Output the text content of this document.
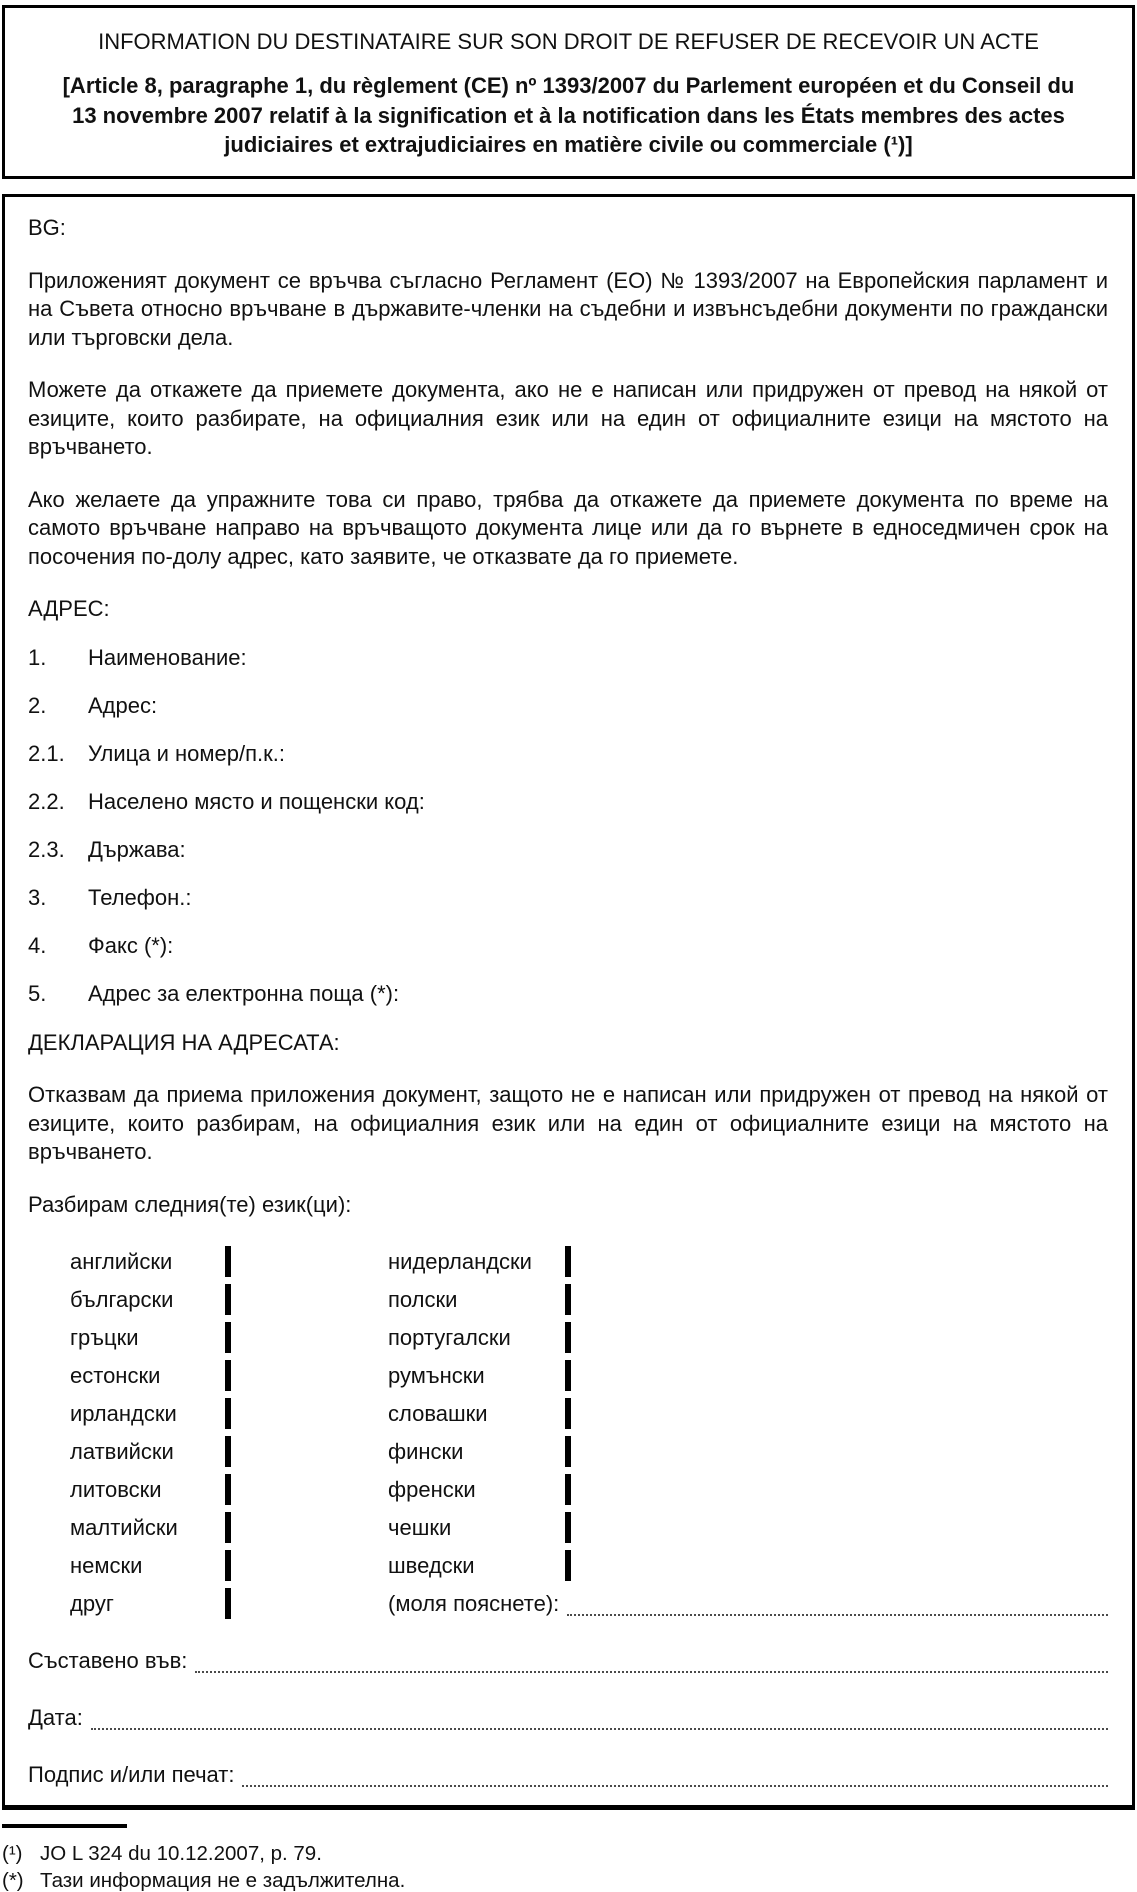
INFORMATION DU DESTINATAIRE SUR SON DROIT DE REFUSER DE RECEVOIR UN ACTE

[Article 8, paragraphe 1, du règlement (CE) nº 1393/2007 du Parlement européen et du Conseil du 13 novembre 2007 relatif à la signification et à la notification dans les États membres des actes judiciaires et extrajudiciaires en matière civile ou commerciale (¹)]

BG:

Приложеният документ се връчва съгласно Регламент (ЕО) № 1393/2007 на Европейския парламент и на Съвета относно връчване в държавите-членки на съдебни и извънсъдебни документи по граждански или търговски дела.

Можете да откажете да приемете документа, ако не е написан или придружен от превод на някой от езиците, които разбирате, на официалния език или на един от официалните езици на мястото на връчването.

Ако желаете да упражните това си право, трябва да откажете да приемете документа по време на самото връчване направо на връчващото документа лице или да го върнете в едноседмичен срок на посочения по-долу адрес, като заявите, че отказвате да го приемете.

АДРЕС:

1.	Наименование:
2.	Адрес:
2.1.	Улица и номер/п.к.:
2.2.	Населено място и пощенски код:
2.3.	Държава:
3.	Телефон.:
4.	Факс (*):
5.	Адрес за електронна поща (*):

ДЕКЛАРАЦИЯ НА АДРЕСАТА:

Отказвам да приема приложения документ, защото не е написан или придружен от превод на някой от езиците, които разбирам, на официалния език или на един от официалните езици на мястото на връчването.

Разбирам следния(те) език(ци):

английски	нидерландски
български	полски
гръцки	португалски
естонски	румънски
ирландски	словашки
латвийски	фински
литовски	френски
малтийски	чешки
немски	шведски
друг	(моля пояснете):
Съставено във:
Дата:
Подпис и/или печат:
(¹) JO L 324 du 10.12.2007, p. 79.
(*) Тази информация не е задължителна.
